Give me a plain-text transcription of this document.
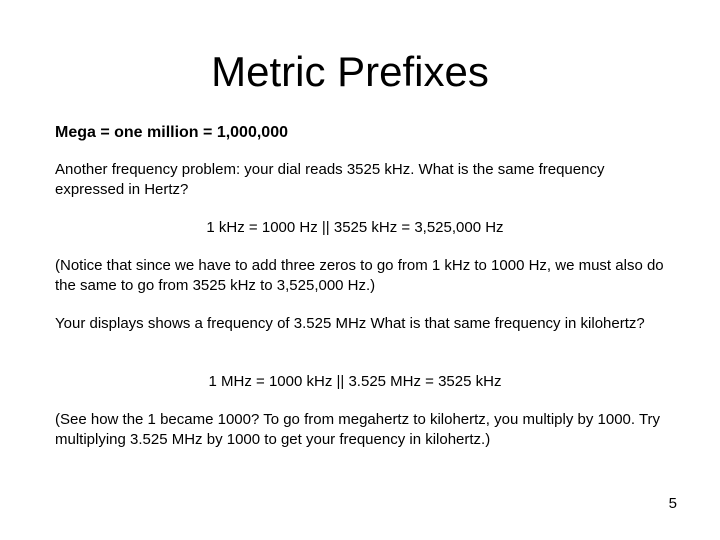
Metric Prefixes
Mega = one million = 1,000,000
Another frequency problem: your dial reads 3525 kHz. What is the same frequency expressed in Hertz?
1 kHz = 1000 Hz || 3525 kHz = 3,525,000 Hz
(Notice that since we have to add three zeros to go from 1 kHz to 1000 Hz, we must also do the same to go from 3525 kHz to 3,525,000 Hz.)
Your displays shows a frequency of 3.525 MHz What is that same frequency in kilohertz?
1 MHz = 1000 kHz || 3.525 MHz = 3525 kHz
(See how the 1 became 1000? To go from megahertz to kilohertz, you multiply by 1000. Try multiplying 3.525 MHz by 1000 to get your frequency in kilohertz.)
5
